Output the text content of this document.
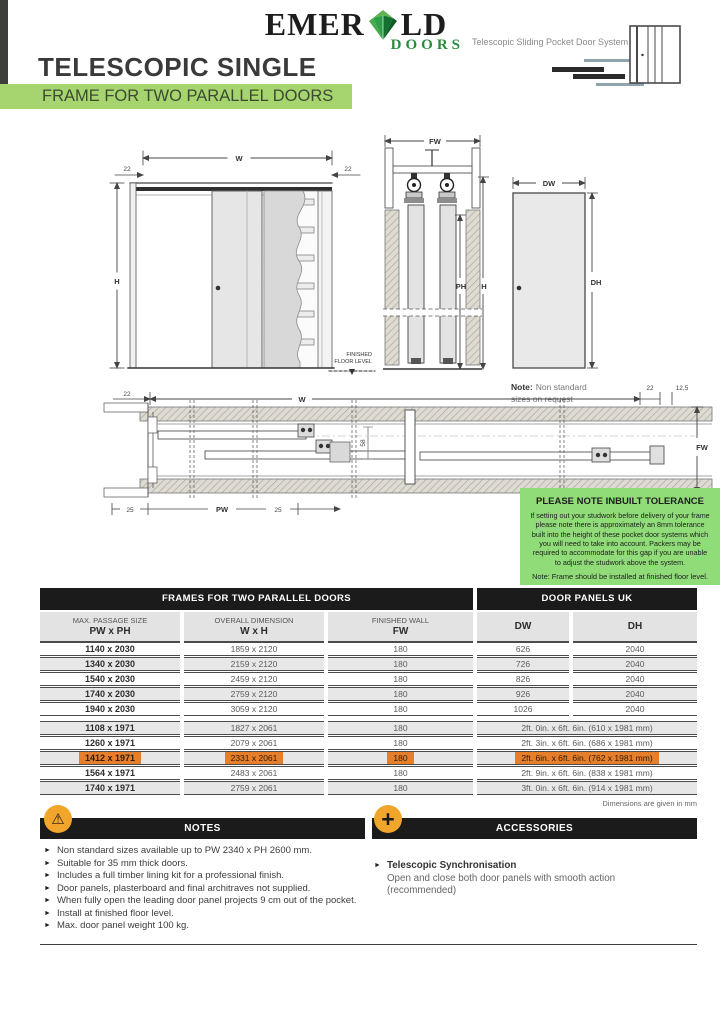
EMER LD
DOORS Telescopic Sliding Pocket Door System
TELESCOPIC SINGLE
FRAME FOR TWO PARALLEL DOORS
W
22	22
H
FINISHED
FLOOR LEVEL
FW
PH H
DW
DH
Note: Non standard
sizes on request
22
W
22	12,5
58	FW
25	PW	25
PLEASE NOTE INBUILT TOLERANCE
If setting out your studwork before delivery of your frame please note there is approximately an 8mm tolerance built into the height of these pocket door systems which you will need to take into account. Packers may be required to accommodate for this gap if you are unable to adjust the studwork above the system.
Note: Frame should be installed at finished floor level.
FRAMES FOR TWO PARALLEL DOORS	DOOR PANELS UK
MAX. PASSAGE SIZE
PW x PH
OVERALL DIMENSION
W x H
FINISHED WALL
FW	DW	DH
1140 x 2030	1859 x 2120	180	626	2040
1340 x 2030	2159 x 2120	180	726	2040
1540 x 2030	2459 x 2120	180	826	2040
1740 x 2030	2759 x 2120	180	926	2040
1940 x 2030	3059 x 2120	180	1026	2040
1108 x 1971	1827 x 2061	180	2ft. 0in. x 6ft. 6in. (610 x 1981 mm)
1260 x 1971	2079 x 2061	180	2ft. 3in. x 6ft. 6in. (686 x 1981 mm)
1412 x 1971	2331 x 2061	180	2ft. 6in. x 6ft. 6in. (762 x 1981 mm)
1564 x 1971	2483 x 2061	180	2ft. 9in. x 6ft. 6in. (838 x 1981 mm)
1740 x 1971	2759 x 2061	180	3ft. 0in. x 6ft. 6in. (914 x 1981 mm)
Dimensions are given in mm
NOTES	ACCESSORIES
⚠	+
► Non standard sizes available up to PW 2340 x PH 2600 mm.
► Suitable for 35 mm thick doors.
► Includes a full timber lining kit for a professional finish.
► Door panels, plasterboard and final architraves not supplied.
► When fully open the leading door panel projects 9 cm out of the pocket.
► Install at finished floor level.
► Max. door panel weight 100 kg.
► Telescopic Synchronisation
Open and close both door panels with smooth action
(recommended)
